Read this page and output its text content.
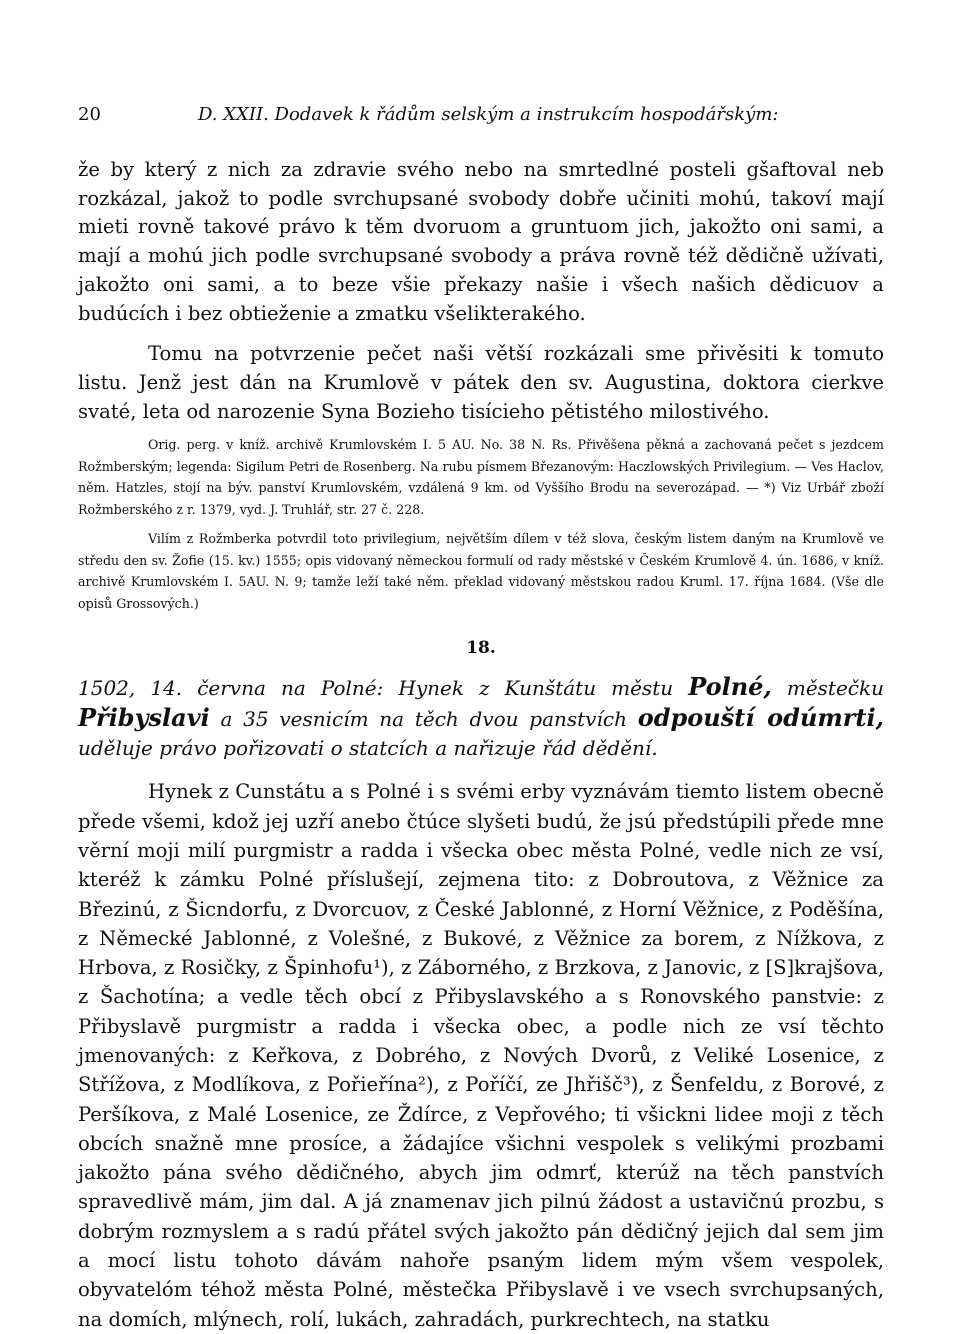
20	D. XXII. Dodavek k řádům selským a instrukcím hospodářským:

že by který z nich za zdravie svého nebo na smrtedlné posteli gšaftoval neb rozkázal, jakož to podle svrchupsané svobody dobře učiniti mohú, takoví mají mieti rovně takové právo k těm dvoruom a gruntuom jich, jakožto oni sami, a mají a mohú jich podle svrchupsané svobody a práva rovně též dědičně užívati, jakožto oni sami, a to beze všie překazy našie i všech našich dědicuov a budúcích i bez obtieženie a zmatku všelikterakého.

Tomu na potvrzenie pečet naši větší rozkázali sme přivěsiti k tomuto listu. Jenž jest dán na Krumlově v pátek den sv. Augustina, doktora cierkve svaté, leta od narozenie Syna Bozieho tisícieho pětistého milostivého.

Orig. perg. v kníž. archivě Krumlovském I. 5 AU. No. 38 N. Rs. Přivěšena pěkná a zachovaná pečet s jezdcem Rožmberským; legenda: Sigilum Petri de Rosenberg. Na rubu písmem Březanovým: Haczlowských Privilegium. — Ves Haclov, něm. Hatzles, stojí na býv. panství Krumlovském, vzdálená 9 km. od Vyššího Brodu na severozápad. — *) Viz Urbář zboží Rožmberského z r. 1379, vyd. J. Truhlář, str. 27 č. 228.

Vilím z Rožmberka potvrdil toto privilegium, největším dílem v též slova, českým listem daným na Krumlově ve středu den sv. Žofie (15. kv.) 1555; opis vidovaný německou formulí od rady městské v Českém Krumlově 4. ún. 1686, v kníž. archivě Krumlovském I. 5AU. N. 9; tamže leží také něm. překlad vidovaný městskou radou Kruml. 17. října 1684. (Vše dle opisů Grossových.)

18.

1502, 14. června na Polné: Hynek z Kunštátu městu Polné, městečku Přibyslavi a 35 vesnicím na těch dvou panstvích odpouští odúmrti, uděluje právo pořizovati o statcích a nařizuje řád dědění.

Hynek z Cunstátu a s Polné i s svémi erby vyznávám tiemto listem obecně přede všemi, kdož jej uzří anebo čtúce slyšeti budú, že jsú předstúpili přede mne věrní moji milí purgmistr a radda i všecka obec města Polné, vedle nich ze vsí, kteréž k zámku Polné příslušejí, zejmena tito: z Dobroutova, z Věžnice za Březinú, z Šicndorfu, z Dvorcuov, z České Jablonné, z Horní Věžnice, z Poděšína, z Německé Jablonné, z Volešné, z Bukové, z Věžnice za borem, z Nížkova, z Hrbova, z Rosičky, z Špinhofu¹), z Záborného, z Brzkova, z Janovic, z [S]krajšova, z Šachotína; a vedle těch obcí z Přibyslavského a s Ronovského panstvie: z Přibyslavě purgmistr a radda i všecka obec, a podle nich ze vsí těchto jmenovaných: z Keřkova, z Dobrého, z Nových Dvorů, z Veliké Losenice, z Střížova, z Modlíkova, z Pořieřína²), z Poříčí, ze Jhřišč³), z Šenfeldu, z Borové, z Peršíkova, z Malé Losenice, ze Ždírce, z Vepřového; ti všickni lidee moji z těch obcích snažně mne prosíce, a žádajíce všichni vespolek s velikými prozbami jakožto pána svého dědičného, abych jim odmrť, kterúž na těch panstvích spravedlivě mám, jim dal. A já znamenav jich pilnú žádost a ustavičnú prozbu, s dobrým rozmyslem a s radú přátel svých jakožto pán dědičný jejich dal sem jim a mocí listu tohoto dávám nahoře psaným lidem mým všem vespolek, obyvatelóm téhož města Polné, městečka Přibyslavě i ve vsech svrchupsaných, na domích, mlýnech, rolí, lukách, zahradách, purkrechtech, na statku
